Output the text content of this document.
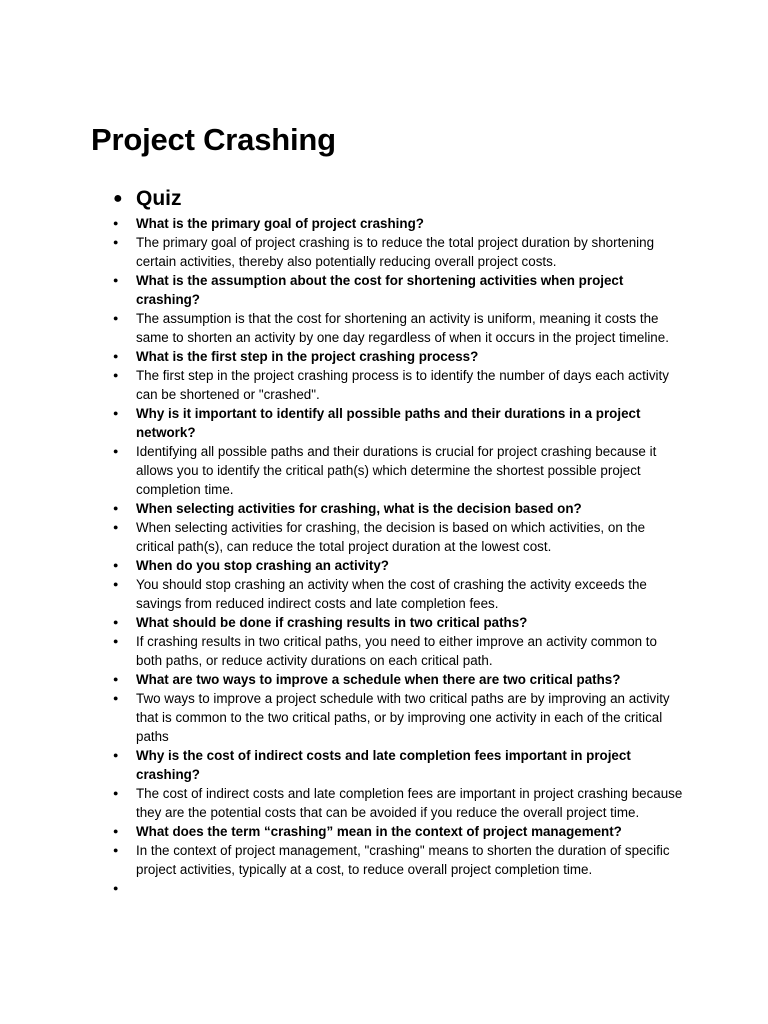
Project Crashing
● Quiz
● What is the primary goal of project crashing?
● The primary goal of project crashing is to reduce the total project duration by shortening certain activities, thereby also potentially reducing overall project costs.
● What is the assumption about the cost for shortening activities when project crashing?
● The assumption is that the cost for shortening an activity is uniform, meaning it costs the same to shorten an activity by one day regardless of when it occurs in the project timeline.
● What is the first step in the project crashing process?
● The first step in the project crashing process is to identify the number of days each activity can be shortened or "crashed".
● Why is it important to identify all possible paths and their durations in a project network?
● Identifying all possible paths and their durations is crucial for project crashing because it allows you to identify the critical path(s) which determine the shortest possible project completion time.
● When selecting activities for crashing, what is the decision based on?
● When selecting activities for crashing, the decision is based on which activities, on the critical path(s), can reduce the total project duration at the lowest cost.
● When do you stop crashing an activity?
● You should stop crashing an activity when the cost of crashing the activity exceeds the savings from reduced indirect costs and late completion fees.
● What should be done if crashing results in two critical paths?
● If crashing results in two critical paths, you need to either improve an activity common to both paths, or reduce activity durations on each critical path.
● What are two ways to improve a schedule when there are two critical paths?
● Two ways to improve a project schedule with two critical paths are by improving an activity that is common to the two critical paths, or by improving one activity in each of the critical paths
● Why is the cost of indirect costs and late completion fees important in project crashing?
● The cost of indirect costs and late completion fees are important in project crashing because they are the potential costs that can be avoided if you reduce the overall project time.
● What does the term “crashing” mean in the context of project management?
● In the context of project management, "crashing" means to shorten the duration of specific project activities, typically at a cost, to reduce overall project completion time.
●
